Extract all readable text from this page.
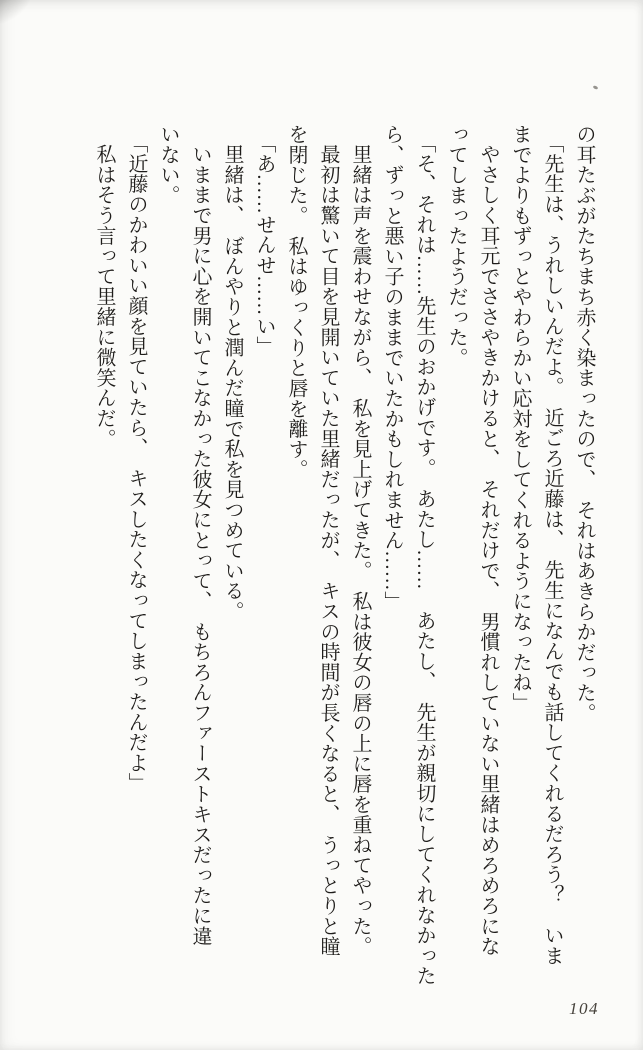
の耳たぶがたちまち赤く染まったので、　それはあきらかだった。

「先生は、うれしいんだよ。　近ごろ近藤は、　先生になんでも話してくれるだろう？　いま

までよりもずっとやわらかい応対をしてくれるようになったね」

やさしく耳元でささやきかけると、　それだけで、　男慣れしていない里緒はめろめろにな

ってしまったようだった。

「そ、それは……先生のおかげです。　あたし……　あたし、　先生が親切にしてくれなかった

ら、ずっと悪い子のままでいたかもしれません……」

里緒は声を震わせながら、　私を見上げてきた。　私は彼女の唇の上に唇を重ねてやった。

最初は驚いて目を見開いていた里緒だったが、　キスの時間が長くなると、　うっとりと瞳

を閉じた。　私はゆっくりと唇を離す。

「あ……せんせ……い」

里緒は、　ぼんやりと潤んだ瞳で私を見つめている。

いままで男に心を開いてこなかった彼女にとって、　もちろんファーストキスだったに違

いない。

「近藤のかわいい顔を見ていたら、　キスしたくなってしまったんだよ」

私はそう言って里緒に微笑んだ。

104
